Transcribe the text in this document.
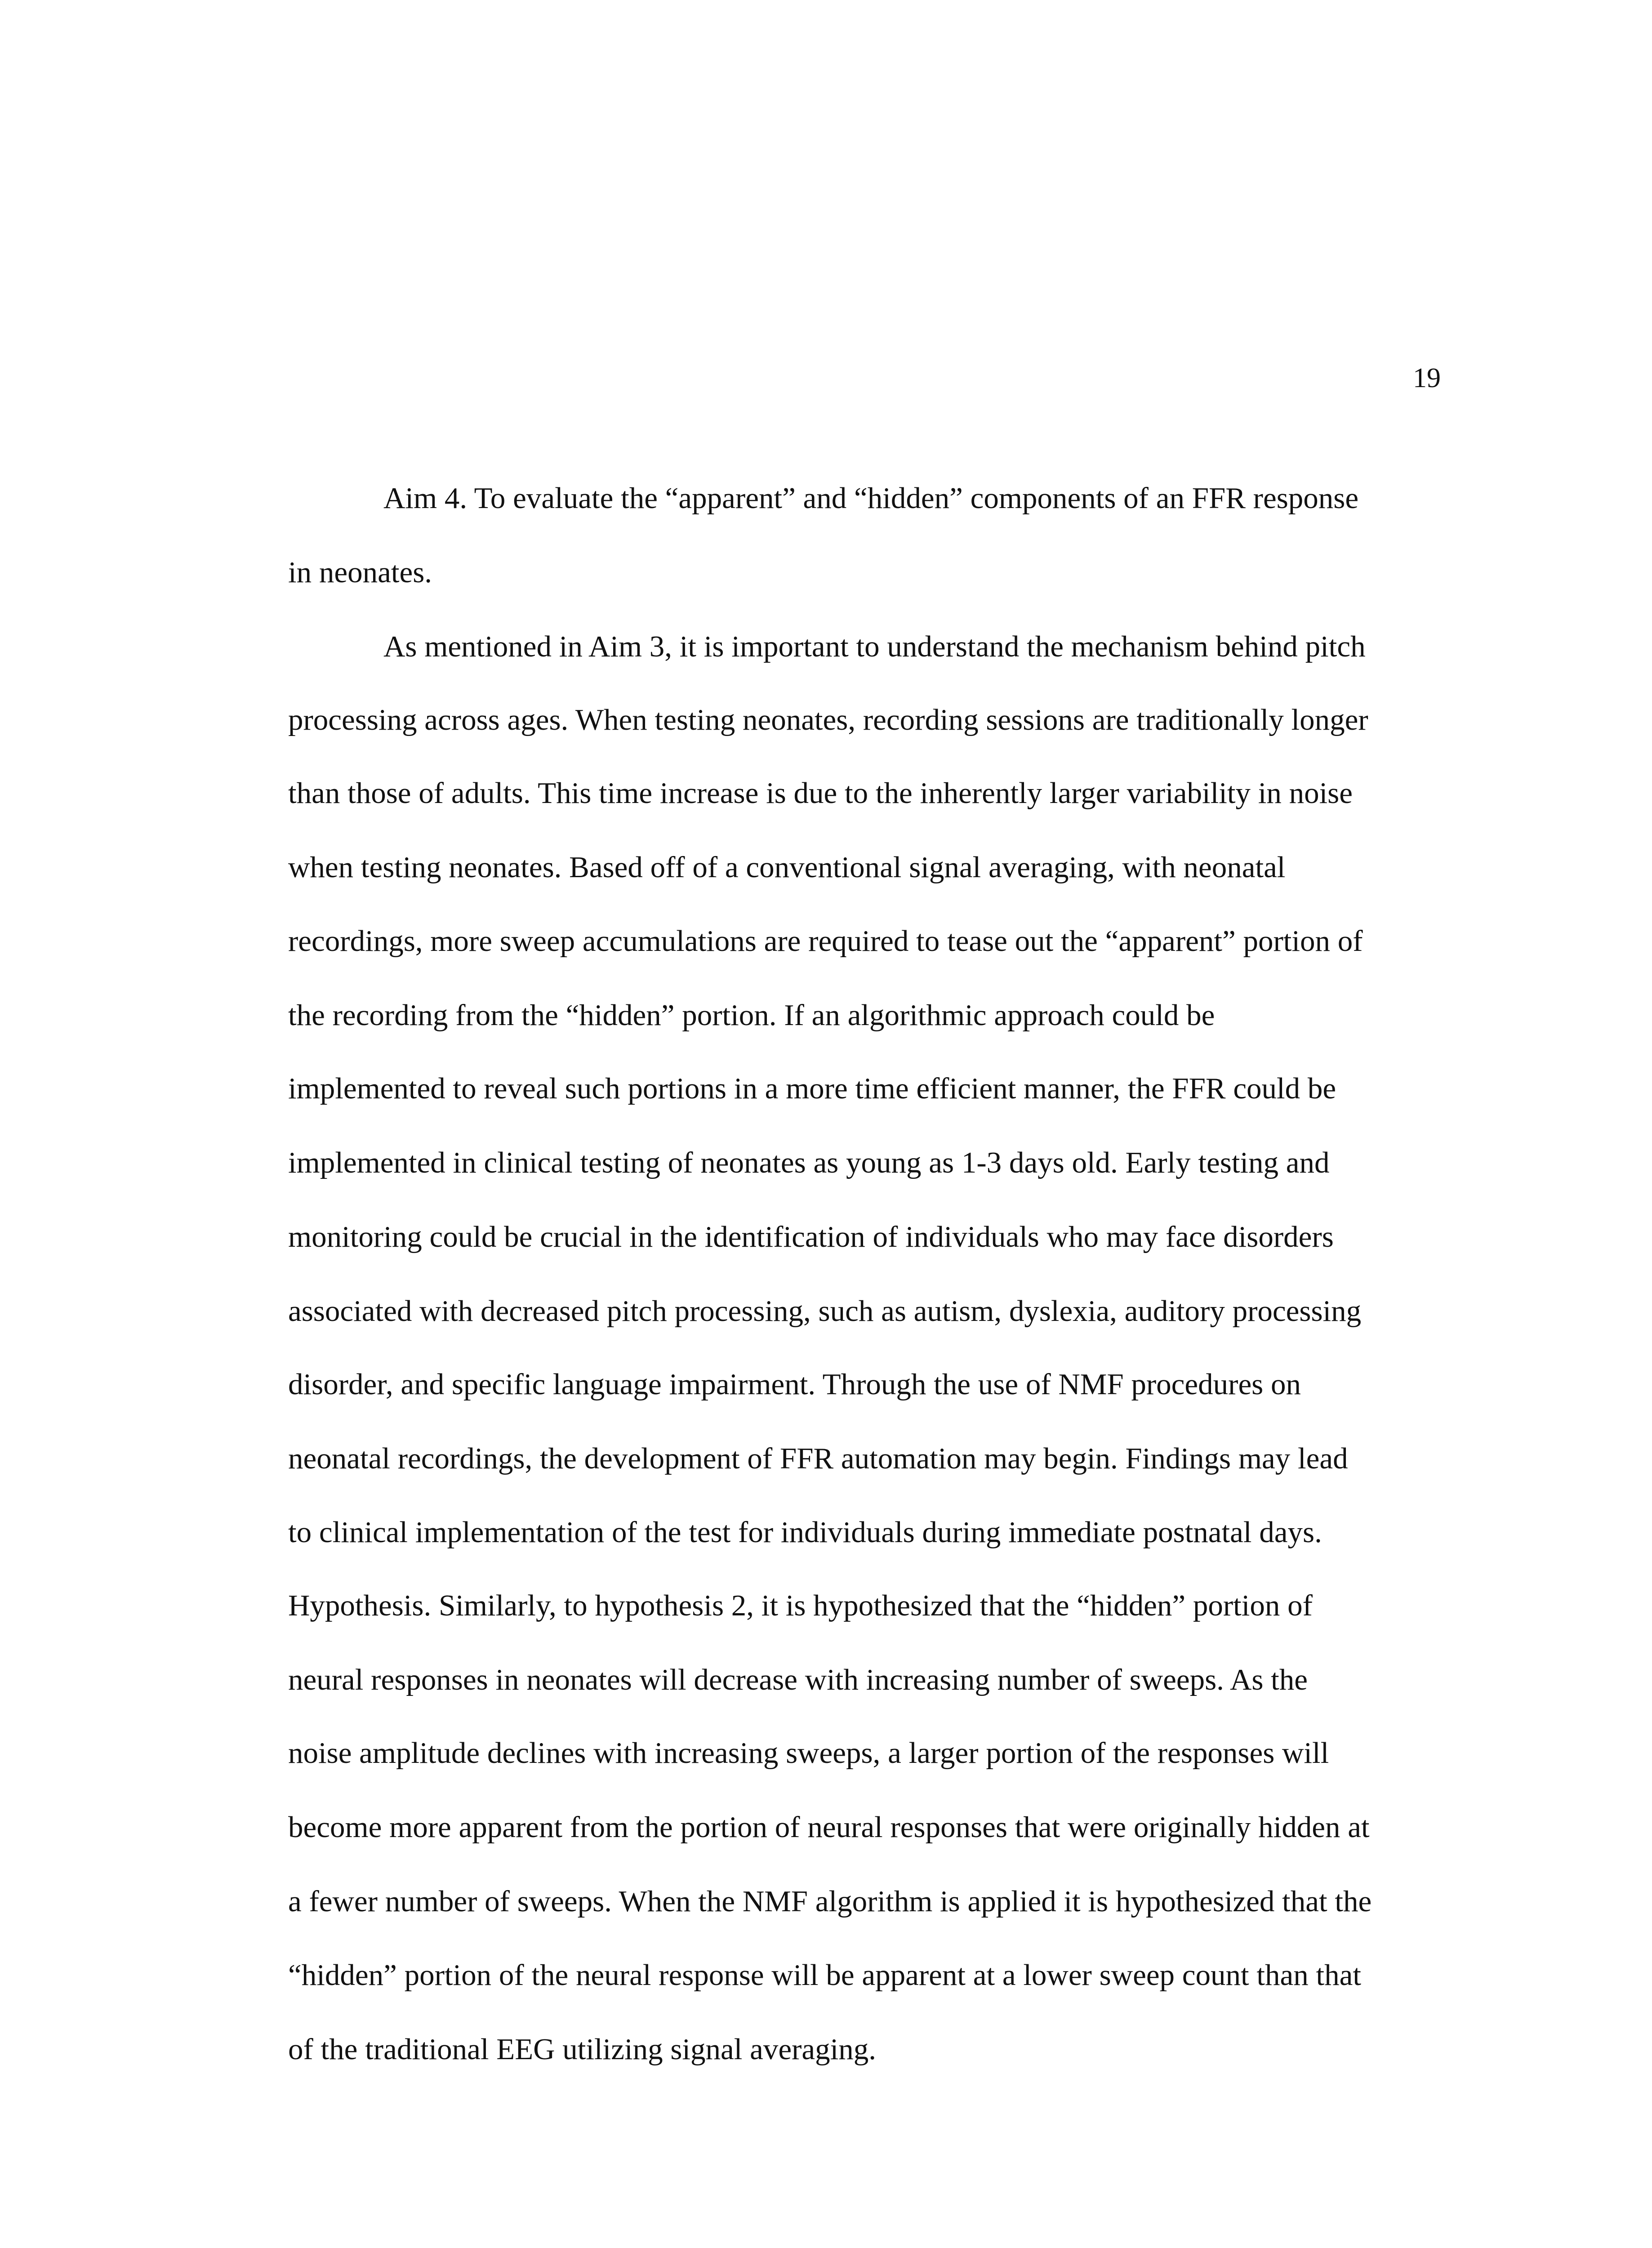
19
Aim 4. To evaluate the “apparent” and “hidden” components of an FFR response
in neonates.
As mentioned in Aim 3, it is important to understand the mechanism behind pitch
processing across ages. When testing neonates, recording sessions are traditionally longer
than those of adults. This time increase is due to the inherently larger variability in noise
when testing neonates. Based off of a conventional signal averaging, with neonatal
recordings, more sweep accumulations are required to tease out the “apparent” portion of
the recording from the “hidden” portion. If an algorithmic approach could be
implemented to reveal such portions in a more time efficient manner, the FFR could be
implemented in clinical testing of neonates as young as 1-3 days old. Early testing and
monitoring could be crucial in the identification of individuals who may face disorders
associated with decreased pitch processing, such as autism, dyslexia, auditory processing
disorder, and specific language impairment. Through the use of NMF procedures on
neonatal recordings, the development of FFR automation may begin. Findings may lead
to clinical implementation of the test for individuals during immediate postnatal days.
Hypothesis. Similarly, to hypothesis 2, it is hypothesized that the “hidden” portion of
neural responses in neonates will decrease with increasing number of sweeps. As the
noise amplitude declines with increasing sweeps, a larger portion of the responses will
become more apparent from the portion of neural responses that were originally hidden at
a fewer number of sweeps. When the NMF algorithm is applied it is hypothesized that the
“hidden” portion of the neural response will be apparent at a lower sweep count than that
of the traditional EEG utilizing signal averaging.
